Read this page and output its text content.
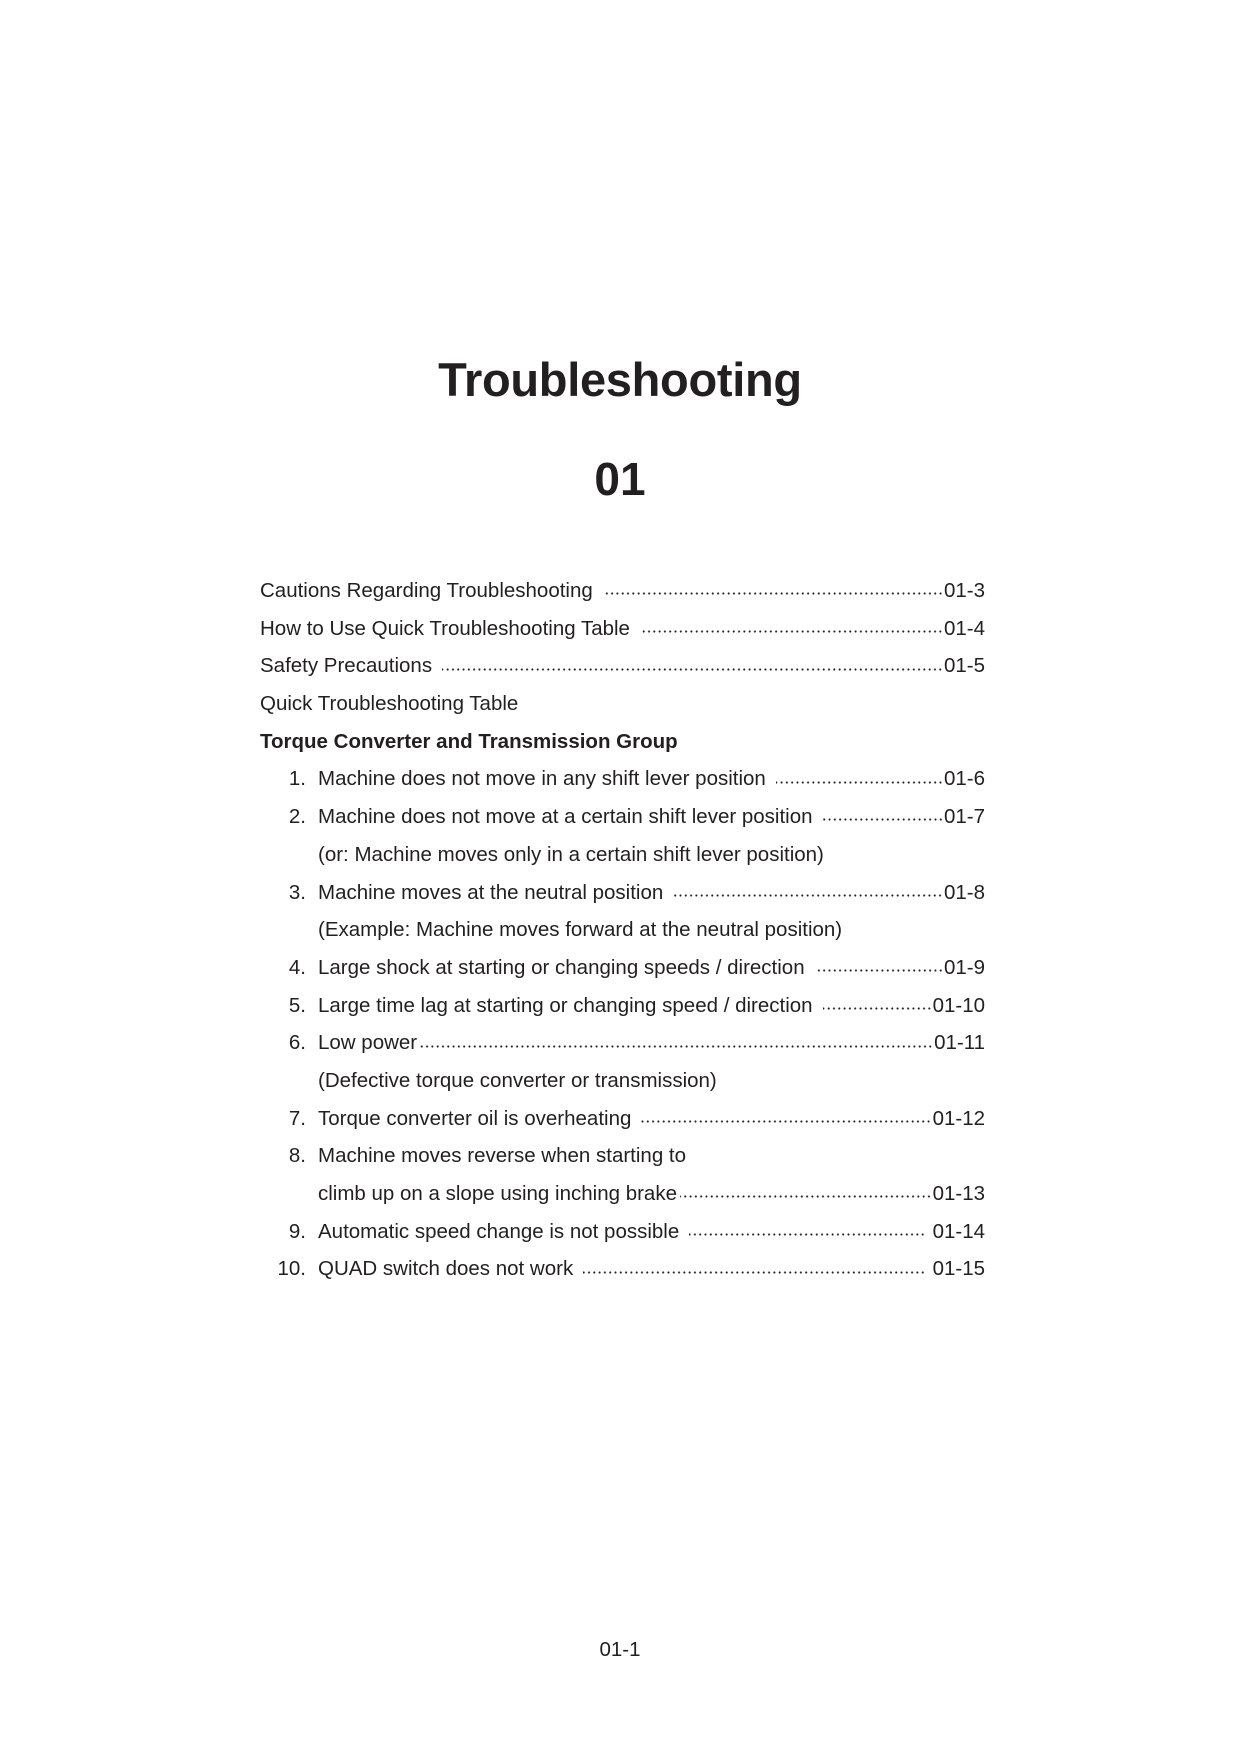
Troubleshooting
01
Cautions Regarding Troubleshooting	01-3
How to Use Quick Troubleshooting Table	01-4
Safety Precautions	01-5
Quick Troubleshooting Table
Torque Converter and Transmission Group
1. Machine does not move in any shift lever position	01-6
2. Machine does not move at a certain shift lever position	01-7
(or: Machine moves only in a certain shift lever position)
3. Machine moves at the neutral position	01-8
(Example: Machine moves forward at the neutral position)
4. Large shock at starting or changing speeds / direction	01-9
5. Large time lag at starting or changing speed / direction	01-10
6. Low power	01-11
(Defective torque converter or transmission)
7. Torque converter oil is overheating	01-12
8. Machine moves reverse when starting to
climb up on a slope using inching brake	01-13
9. Automatic speed change is not possible	01-14
10. QUAD switch does not work	01-15
01-1
